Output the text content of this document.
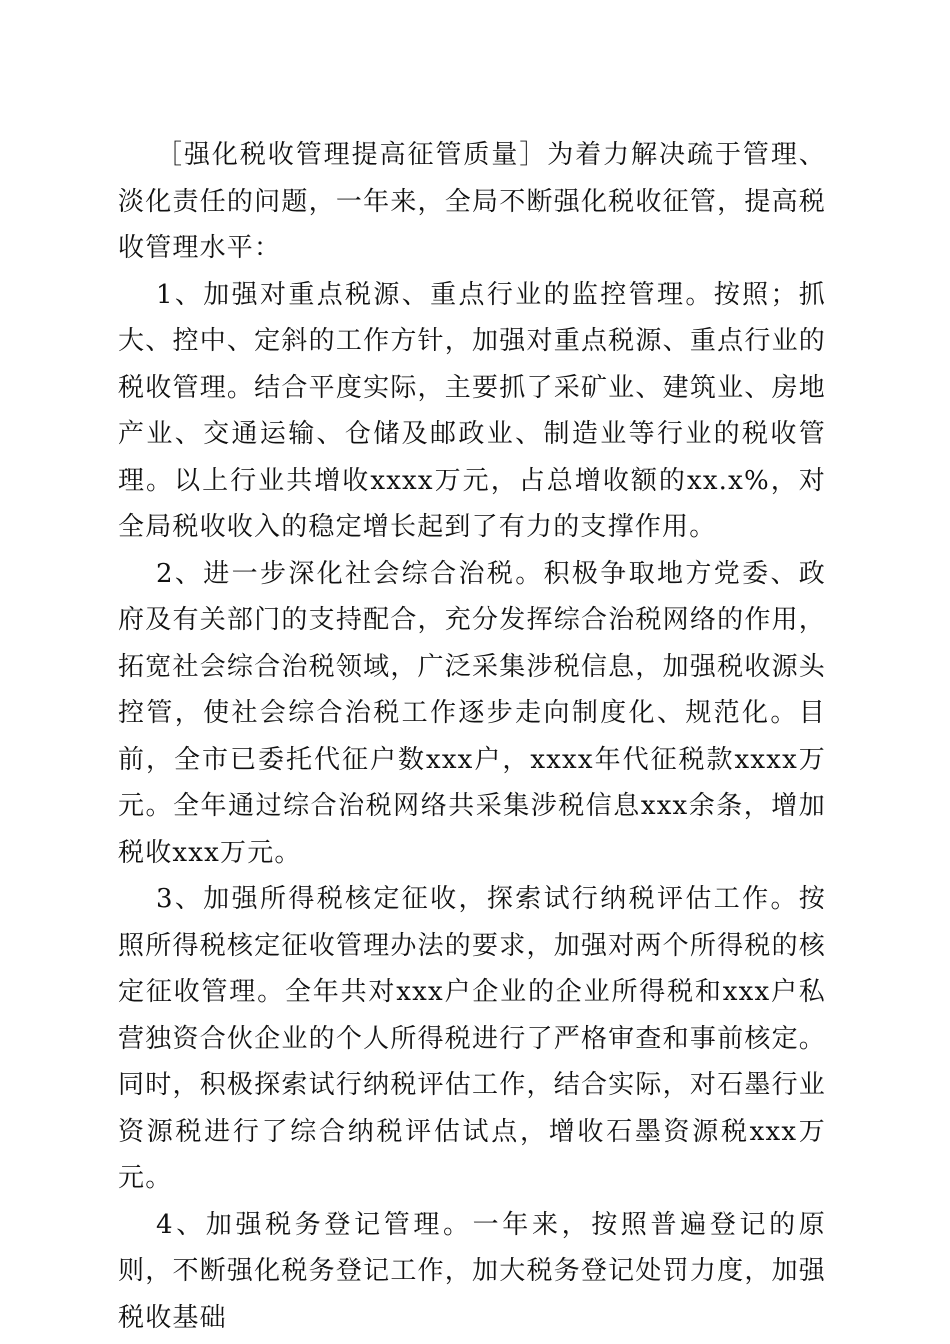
［强化税收管理提高征管质量］为着力解决疏于管理、淡化责任的问题，一年来，全局不断强化税收征管，提高税收管理水平：

1、加强对重点税源、重点行业的监控管理。按照；抓大、控中、定斜的工作方针，加强对重点税源、重点行业的税收管理。结合平度实际，主要抓了采矿业、建筑业、房地产业、交通运输、仓储及邮政业、制造业等行业的税收管理。以上行业共增收xxxx万元，占总增收额的xx.x%，对全局税收收入的稳定增长起到了有力的支撑作用。

2、进一步深化社会综合治税。积极争取地方党委、政府及有关部门的支持配合，充分发挥综合治税网络的作用，拓宽社会综合治税领域，广泛采集涉税信息，加强税收源头控管，使社会综合治税工作逐步走向制度化、规范化。目前，全市已委托代征户数xxx户，xxxx年代征税款xxxx万元。全年通过综合治税网络共采集涉税信息xxx余条，增加税收xxx万元。

3、加强所得税核定征收，探索试行纳税评估工作。按照所得税核定征收管理办法的要求，加强对两个所得税的核定征收管理。全年共对xxx户企业的企业所得税和xxx户私营独资合伙企业的个人所得税进行了严格审查和事前核定。同时，积极探索试行纳税评估工作，结合实际，对石墨行业资源税进行了综合纳税评估试点，增收石墨资源税xxx万元。

4、加强税务登记管理。一年来，按照普遍登记的原则，不断强化税务登记工作，加大税务登记处罚力度，加强税收基础
